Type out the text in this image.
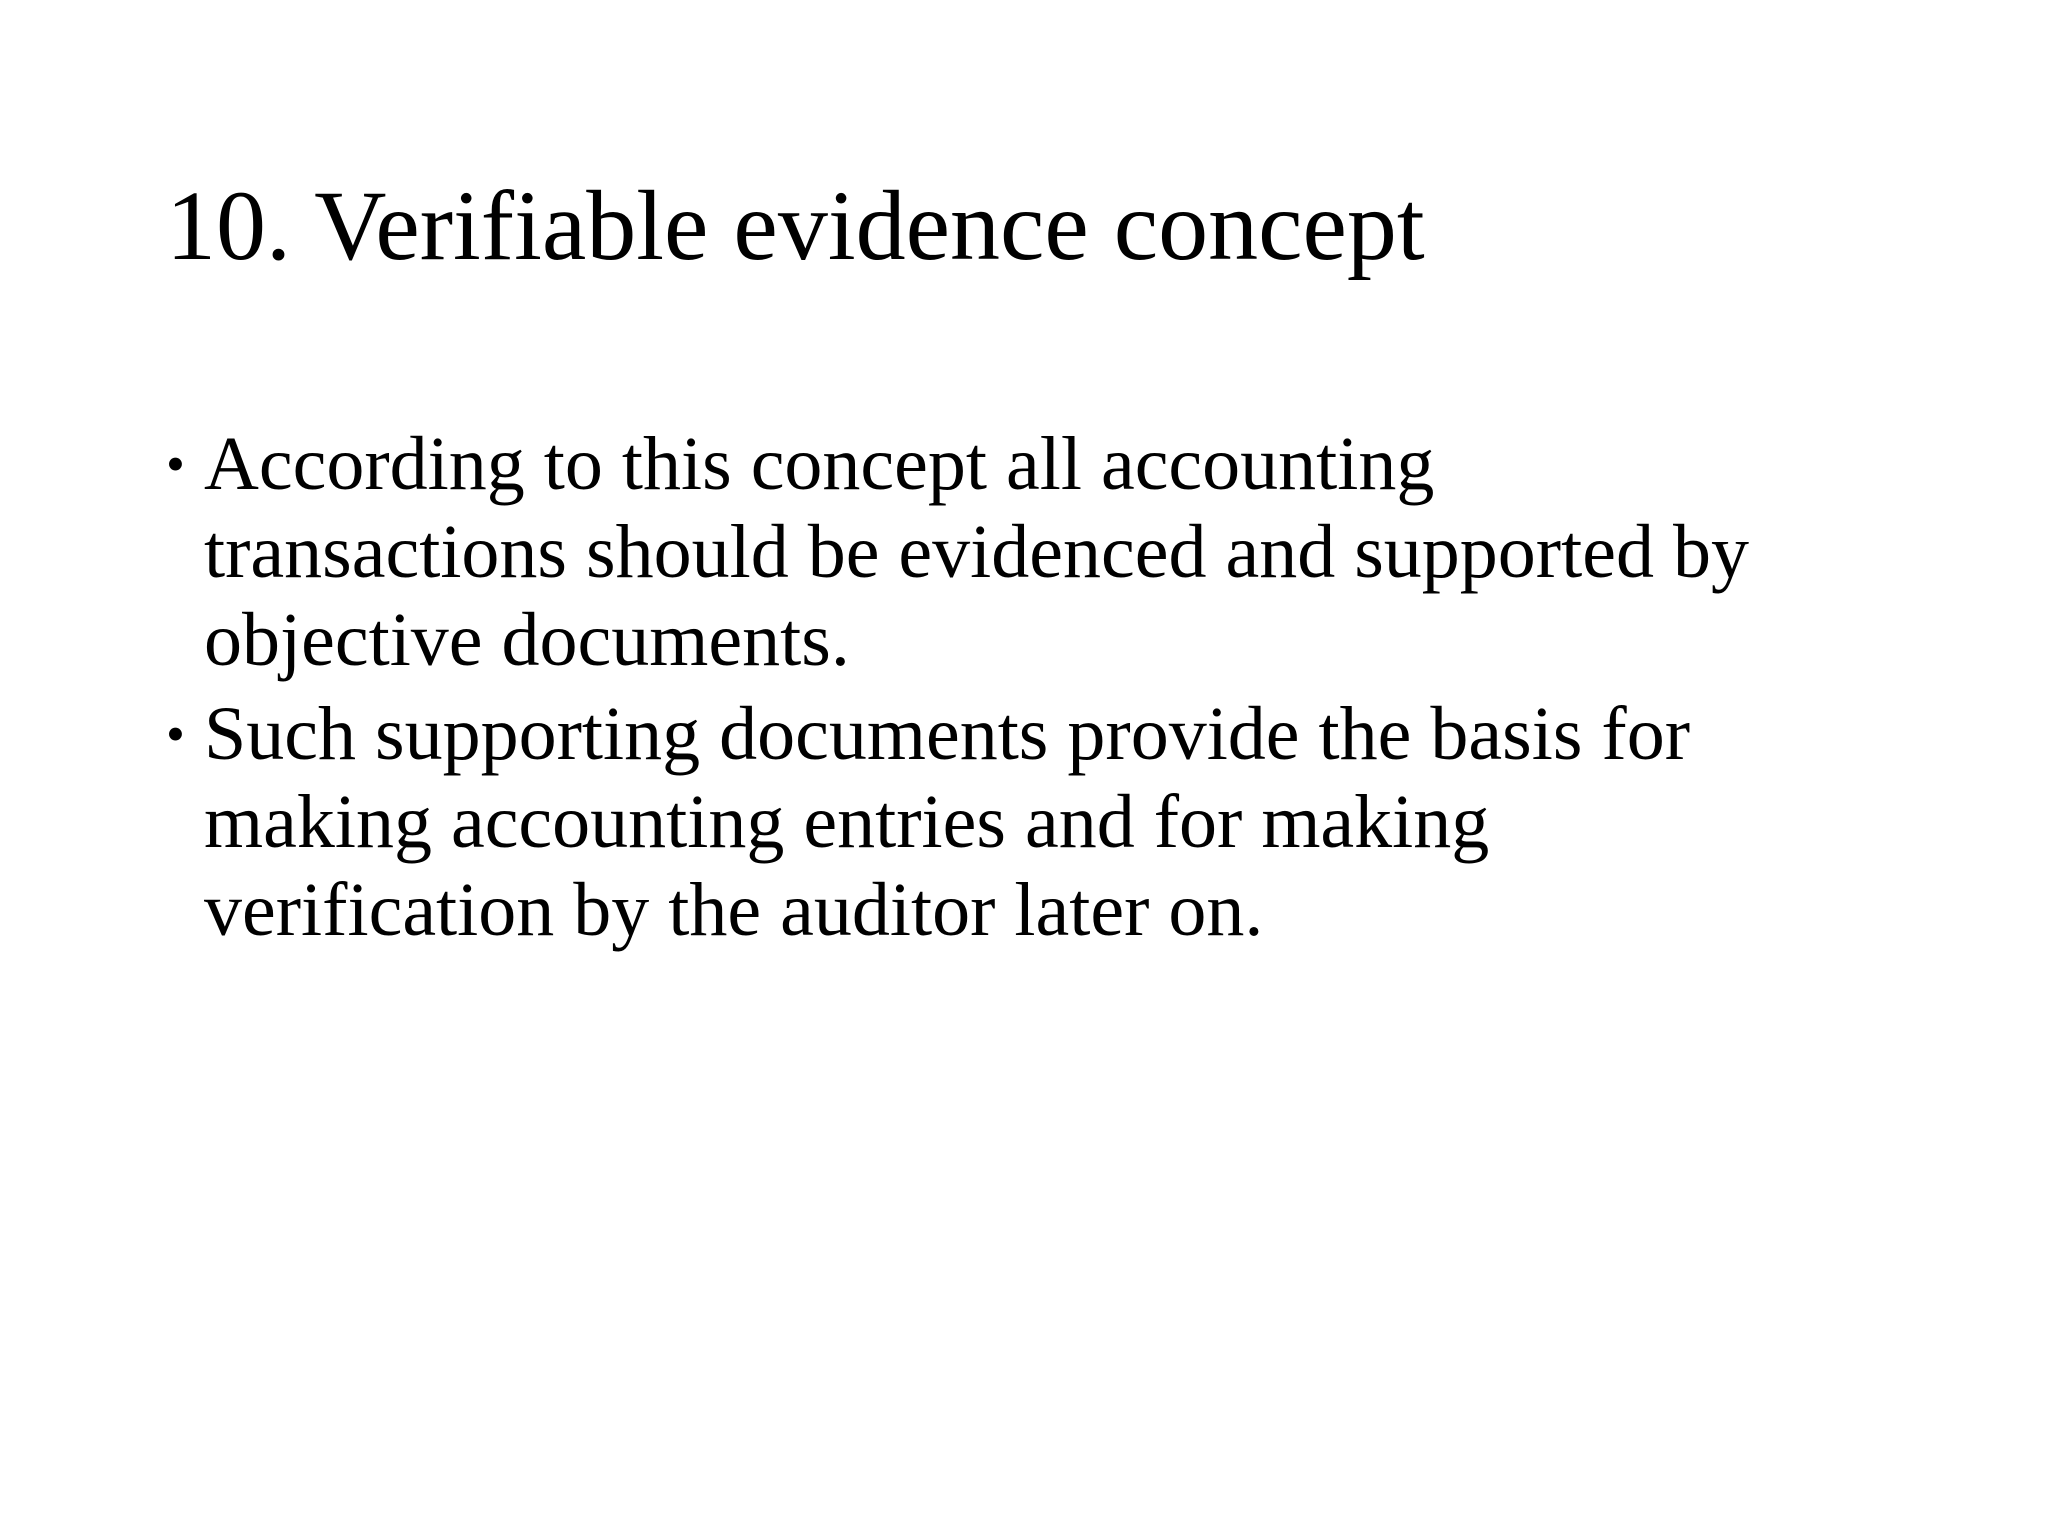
10. Verifiable evidence concept
• According to this concept all accounting
transactions should be evidenced and supported by
objective documents.
• Such supporting documents provide the basis for
making accounting entries and for making
verification by the auditor later on.
